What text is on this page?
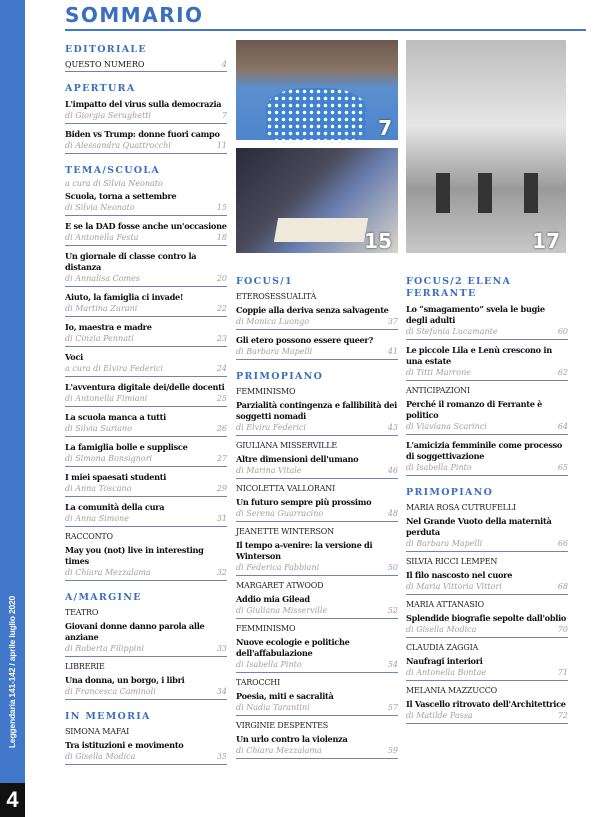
Leggendaria 141-142 / aprile luglio 2020
4
SOMMARIO
7
15	17
EDITORIALE
QUESTO NUMERO	4
APERTURA
L'impatto del virus sulla democrazia
di Giorgia Serughetti	7
Biden vs Trump: donne fuori campo
di Alessandra Quattrocchi	11
TEMA/SCUOLA
a cura di Silvia Neonato
Scuola, torna a settembre
di Silvia Neonato	15
E se la DAD fosse anche un'occasione
di Antonella Festa	18
Un giornale di classe contro la distanza
di Annalisa Comes	20
Aiuto, la famiglia ci invade!
di Martina Zurani	22
Io, maestra e madre
di Cinzia Pennati	23
Voci
a cura di Elvira Federici	24
L'avventura digitale dei/delle docenti
di Antonella Fimiani	25
La scuola manca a tutti
di Silvia Suriano	26
La famiglia bolle e supplisce
di Simona Bonsignori	27
I miei spaesati studenti
di Anna Toscano	29
La comunità della cura
di Anna Simone	31
RACCONTO
May you (not) live in interesting times
di Chiara Mezzalama	32
A/MARGINE
TEATRO
Giovani donne danno parola alle anziane
di Roberta Filippini	33
LIBRERIE
Una donna, un borgo, i libri
di Francesca Caminoli	34
IN MEMORIA
SIMONA MAFAI
Tra istituzioni e movimento
di Gisella Modica	35
FOCUS/1
ETEROSESSUALITÀ
Coppie alla deriva senza salvagente
di Monica Luongo	37
Gli etero possono essere queer?
di Barbara Mapelli	41
PRIMOPIANO
FEMMINISMO
Parzialità contingenza e fallibilità dei soggetti nomadi
di Elvira Federici	43
GIULIANA MISSERVILLE
Altre dimensioni dell'umano
di Marina Vitale	46
NICOLETTA VALLORANI
Un futuro sempre più prossimo
di Serena Guarracino	48
JEANETTE WINTERSON
Il tempo a-venire: la versione di Winterson
di Federica Fabbiani	50
MARGARET ATWOOD
Addio mia Gilead
di Giuliana Misserville	52
FEMMINISMO
Nuove ecologie e politiche dell'affabulazione
di Isabella Pinto	54
TAROCCHI
Poesia, miti e sacralità
di Nadia Tarantini	57
VIRGINIE DESPENTES
Un urlo contro la violenza
di Chiara Mezzalama	59
FOCUS/2 ELENA FERRANTE
Lo “smagamento” svela le bugie degli adulti
di Stefania Lucamante	60
Le piccole Lila e Lenù crescono in una estate
di Titti Marrone	62
ANTICIPAZIONI
Perché il romanzo di Ferrante è politico
di Viaviana Scarinci	64
L'amicizia femminile come processo di soggettivazione
di Isabella Pinto	65
PRIMOPIANO
MARIA ROSA CUTRUFELLI
Nel Grande Vuoto della maternità perduta
di Barbara Mapelli	66
SILVIA RICCI LEMPEN
Il filo nascosto nel cuore
di Maria Vittoria Vittori	68
MARIA ATTANASIO
Splendide biografie sepolte dall'oblio
di Gisella Modica	70
CLAUDIA ZAGGIA
Naufragi interiori
di Antonella Bontae	71
MELANIA MAZZUCCO
Il Vascello ritrovato dell'Architettrice
di Matilde Passa	72
